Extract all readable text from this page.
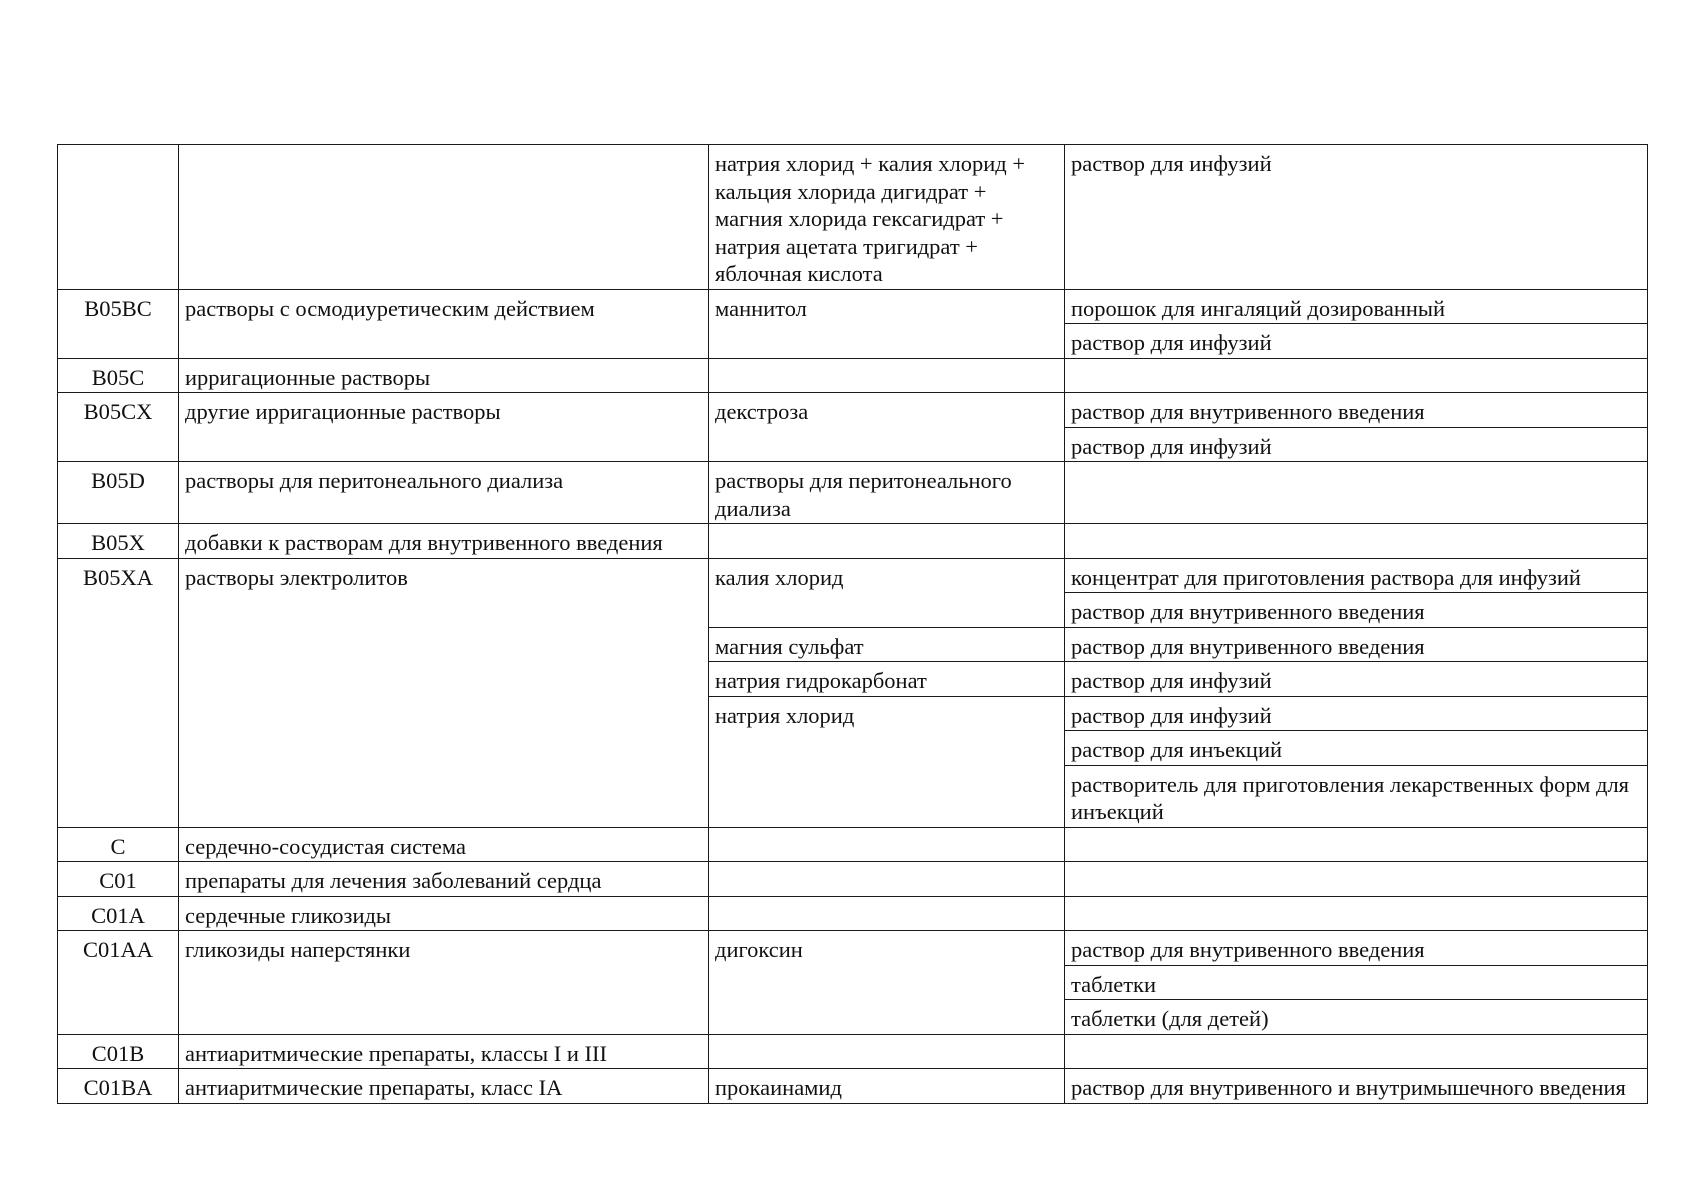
		натрия хлорид + калия хлорид + кальция хлорида дигидрат + магния хлорида гексагидрат + натрия ацетата тригидрат + яблочная кислота	раствор для инфузий
B05BC	растворы с осмодиуретическим действием	маннитол	порошок для ингаляций дозированный
			раствор для инфузий
B05C	ирригационные растворы		
B05CX	другие ирригационные растворы	декстроза	раствор для внутривенного введения
			раствор для инфузий
B05D	растворы для перитонеального диализа	растворы для перитонеального диализа	
B05X	добавки к растворам для внутривенного введения		
B05XA	растворы электролитов	калия хлорид	концентрат для приготовления раствора для инфузий
			раствор для внутривенного введения
		магния сульфат	раствор для внутривенного введения
		натрия гидрокарбонат	раствор для инфузий
		натрия хлорид	раствор для инфузий
			раствор для инъекций
			растворитель для приготовления лекарственных форм для инъекций
C	сердечно-сосудистая система		
C01	препараты для лечения заболеваний сердца		
C01A	сердечные гликозиды		
C01AA	гликозиды наперстянки	дигоксин	раствор для внутривенного введения
			таблетки
			таблетки (для детей)
C01B	антиаритмические препараты, классы I и III		
C01BA	антиаритмические препараты, класс IA	прокаинамид	раствор для внутривенного и внутримышечного введения
